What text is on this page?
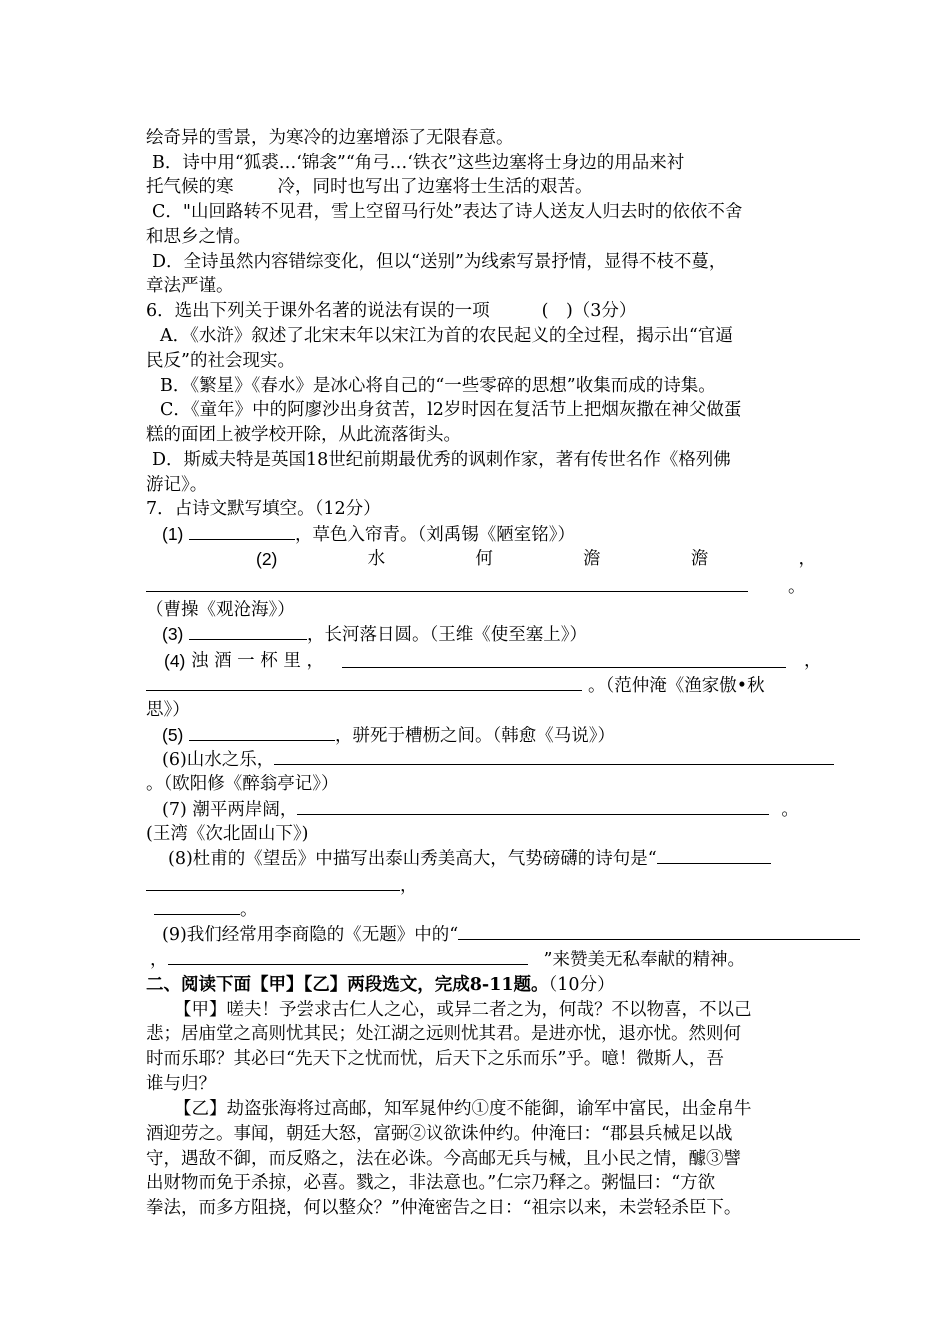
绘奇异的雪景，为寒冷的边塞增添了无限春意。
B．诗中用“狐裘…‘锦衾”“角弓…‘铁衣”这些边塞将士身边的用品来衬
托气候的寒	冷，同时也写出了边塞将士生活的艰苦。
C．"山回路转不见君，雪上空留马行处”表达了诗人送友人归去时的依依不舍
和思乡之情。
D．全诗虽然内容错综变化，但以“送别”为线索写景抒情，显得不枝不蔓，
章法严谨。
6．选出下列关于课外名著的说法有误的一项	(　)（3分）
A．《水浒》叙述了北宋末年以宋江为首的农民起义的全过程，揭示出“官逼
民反”的社会现实。
B．《繁星》《春水》是冰心将自己的“一些零碎的思想”收集而成的诗集。
C．《童年》中的阿廖沙出身贫苦，l2岁时因在复活节上把烟灰撒在神父做蛋
糕的面团上被学校开除，从此流落街头。
D．斯威夫特是英国18世纪前期最优秀的讽刺作家，著有传世名作《格列佛
游记》。
7．占诗文默写填空。（12分）
(1)	，草色入帘青。（刘禹锡《陋室铭》）
(2)	水	何	澹	澹	，
。
（曹操《观沧海》）
(3)	，长河落日圆。（王维《使至塞上》）
(4) 浊 酒 一 杯 里 ，	，
。（范仲淹《渔家傲•秋
思》）
(5)	，骈死于槽枥之间。（韩愈《马说》）
(6)山水之乐，
。（欧阳修《醉翁亭记》）
(7) 潮平两岸阔，	。
(王湾《次北固山下》)
(8)杜甫的《望岳》中描写出泰山秀美高大，气势磅礴的诗句是“
，
。
(9)我们经常用李商隐的《无题》中的“
，	”来赞美无私奉献的精神。
二、阅读下面【甲】【乙】两段选文，完成8-11题。（10分）
【甲】嗟夫！予尝求古仁人之心，或异二者之为，何哉？不以物喜，不以己
悲；居庙堂之高则忧其民；处江湖之远则忧其君。是进亦忧，退亦忧。然则何
时而乐耶？其必曰“先天下之忧而忧，后天下之乐而乐”乎。噫！微斯人，吾
谁与归？
【乙】劫盗张海将过高邮，知军晁仲约①度不能御，谕军中富民，出金帛牛
酒迎劳之。事闻，朝廷大怒，富弼②议欲诛仲约。仲淹曰：“郡县兵械足以战
守，遇敌不御，而反赂之，法在必诛。今高邮无兵与械，且小民之情，醵③譬
出财物而免于杀掠，必喜。戮之，非法意也。”仁宗乃释之。粥愠曰：“方欲
拳法，而多方阻挠，何以整众？”仲淹密告之日：“祖宗以来，未尝轻杀臣下。
